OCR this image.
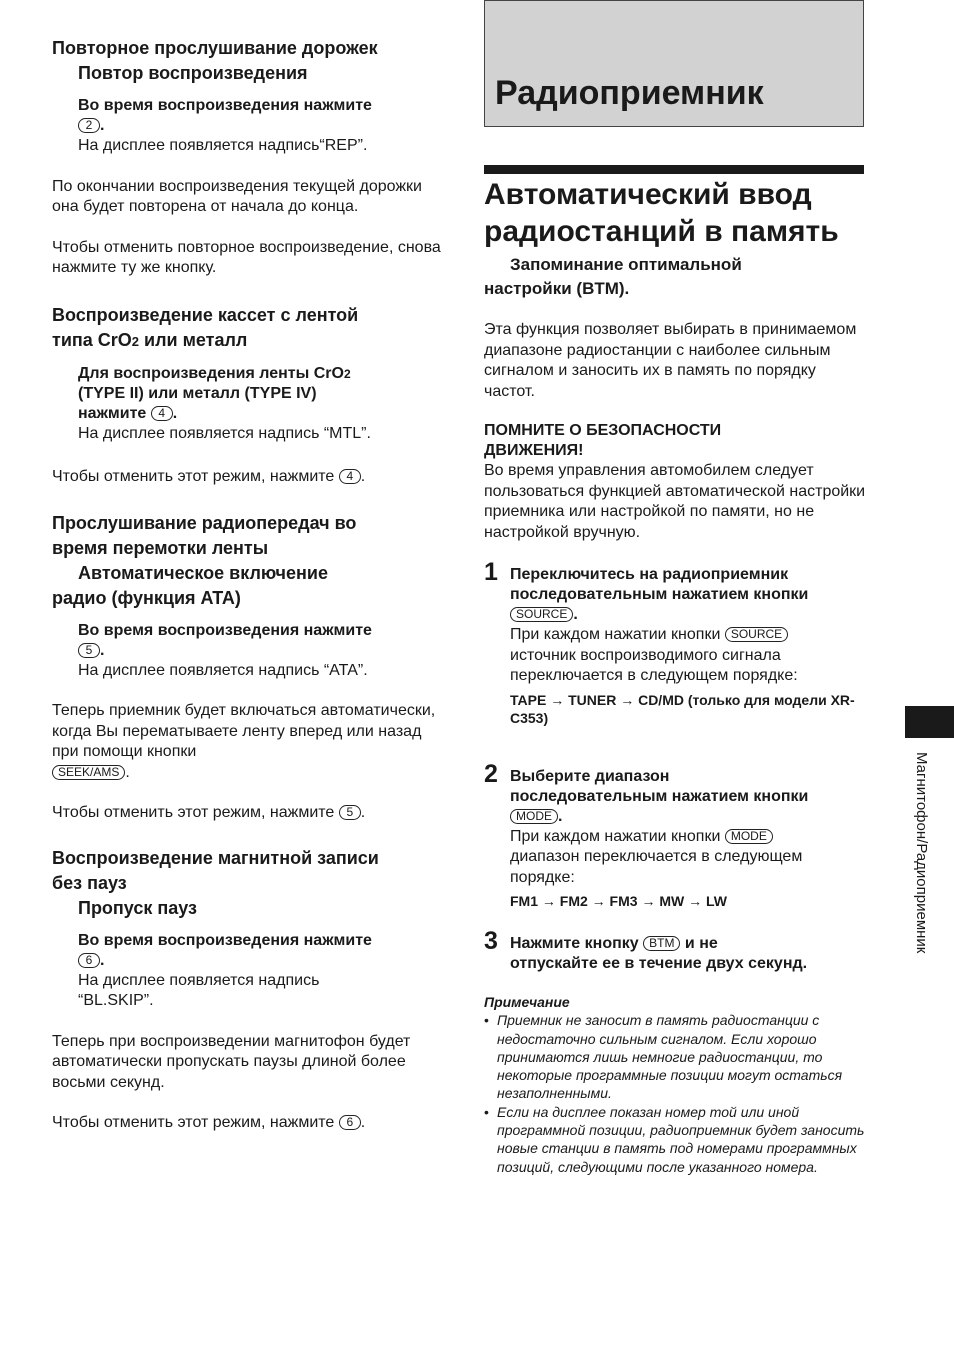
Повторное прослушивание дорожек

Повтор воспроизведения

Во время воспроизведения нажмите

2 .

На дисплее появляется надпись“REP”.

По окончании воспроизведения текущей дорожки она будет повторена от начала до конца.

Чтобы отменить повторное воспроизведение, снова нажмите ту же кнопку.

Воспроизведение кассет с лентой
типа CrO2 или металл

Для воспроизведения ленты CrO2
(TYPE II) или металл (TYPE IV)
нажмите 4 .

На дисплее появляется надпись “MTL”.

Чтобы отменить этот режим, нажмите 4 .

Прослушивание радиопередач во
время перемотки ленты

Автоматическое включение
радио (функция ATA)

Во время воспроизведения нажмите

5 .

На дисплее появляется надпись “ATA”.

Теперь приемник будет включаться автоматически, когда Вы перематываете ленту вперед или назад при помощи кнопки
SEEK/AMS .

Чтобы отменить этот режим, нажмите 5 .

Воспроизведение магнитной записи
без пауз

Пропуск пауз

Во время воспроизведения нажмите

6 .

На дисплее появляется надпись
“BL.SKIP”.

Теперь при воспроизведении магнитофон будет автоматически пропускать паузы длиной более восьми секунд.

Чтобы отменить этот режим, нажмите 6 .

Радиоприемник
Автоматический ввод
радиостанций в память

Запоминание оптимальной
настройки (BTM).

Эта функция позволяет выбирать в принимаемом диапазоне радиостанции с наиболее сильным сигналом и заносить их в память по порядку частот.

ПОМНИТЕ О БЕЗОПАСНОСТИ ДВИЖЕНИЯ!

Во время управления автомобилем следует пользоваться функцией автоматической настройки приемника или настройкой по памяти, но не настройкой вручную.

1 Переключитесь на радиоприемник
последовательным нажатием кнопки
SOURCE .

При каждом нажатии кнопки SOURCE
источник воспроизводимого сигнала переключается в следующем порядке:

TAPE → TUNER → CD/MD (только для модели XR-C353)

2 Выберите диапазон
последовательным нажатием кнопки
MODE .

При каждом нажатии кнопки MODE
диапазон переключается в следующем порядке:

FM1 → FM2 → FM3 → MW → LW

3 Нажмите кнопку BTM и не
отпускайте ее в течение двух секунд.

Примечание

• Приемник не заносит в память радиостанции с недостаточно сильным сигналом. Если хорошо принимаются лишь немногие радиостанции, то некоторые программные позиции могут остаться незаполненными.

• Если на дисплее показан номер той или иной программной позиции, радиоприемник будет заносить новые станции в память под номерами программных позиций, следующими после указанного номера.

Магнитофон/Радиоприемник
